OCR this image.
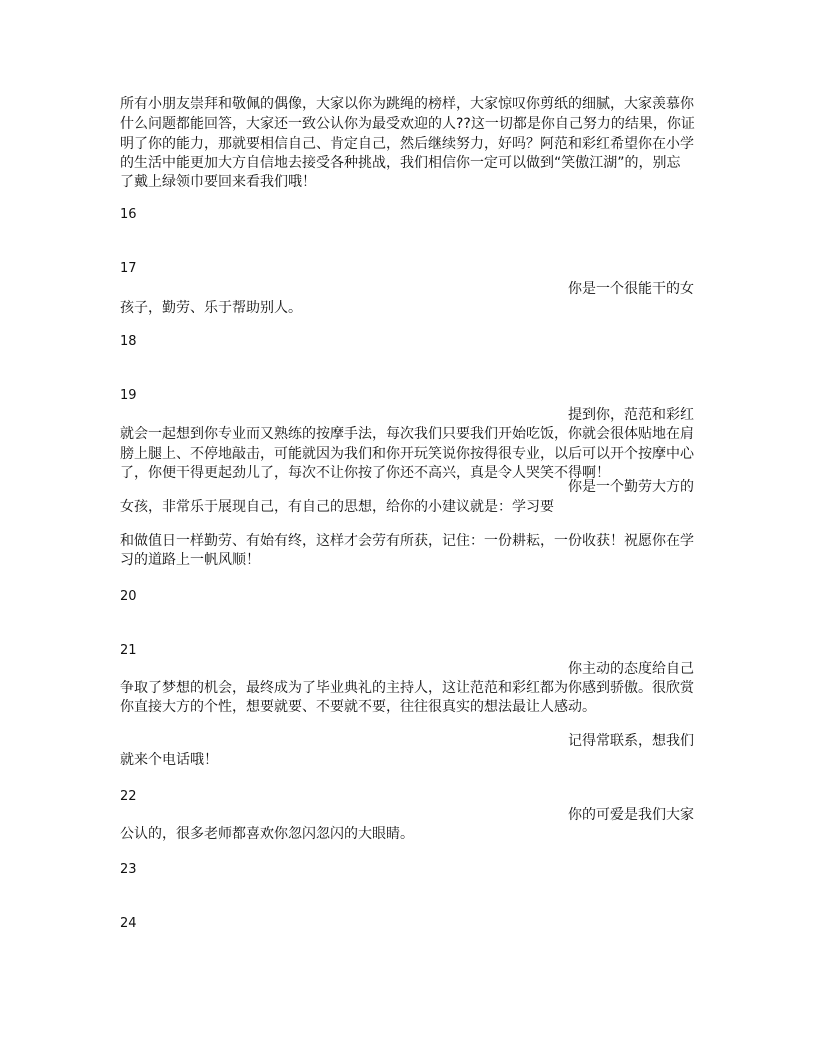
所有小朋友崇拜和敬佩的偶像，大家以你为跳绳的榜样，大家惊叹你剪纸的细腻，大家羡慕你
什么问题都能回答，大家还一致公认你为最受欢迎的人??这一切都是你自己努力的结果，你证
明了你的能力，那就要相信自己、肯定自己，然后继续努力，好吗？阿范和彩红希望你在小学
的生活中能更加大方自信地去接受各种挑战，我们相信你一定可以做到“笑傲江湖”的，别忘
了戴上绿领巾要回来看我们哦！
16
17
你是一个很能干的女
孩子，勤劳、乐于帮助别人。
18
19
提到你，范范和彩红
就会一起想到你专业而又熟练的按摩手法，每次我们只要我们开始吃饭，你就会很体贴地在肩
膀上腿上、不停地敲击，可能就因为我们和你开玩笑说你按得很专业，以后可以开个按摩中心
了，你便干得更起劲儿了，每次不让你按了你还不高兴，真是令人哭笑不得啊！
你是一个勤劳大方的
女孩，非常乐于展现自己，有自己的思想，给你的小建议就是：学习要
和做值日一样勤劳、有始有终，这样才会劳有所获，记住：一份耕耘，一份收获！祝愿你在学
习的道路上一帆风顺！
20
21
你主动的态度给自己
争取了梦想的机会，最终成为了毕业典礼的主持人，这让范范和彩红都为你感到骄傲。很欣赏
你直接大方的个性，想要就要、不要就不要，往往很真实的想法最让人感动。
记得常联系，想我们
就来个电话哦！
22
你的可爱是我们大家
公认的，很多老师都喜欢你忽闪忽闪的大眼睛。
23
24
